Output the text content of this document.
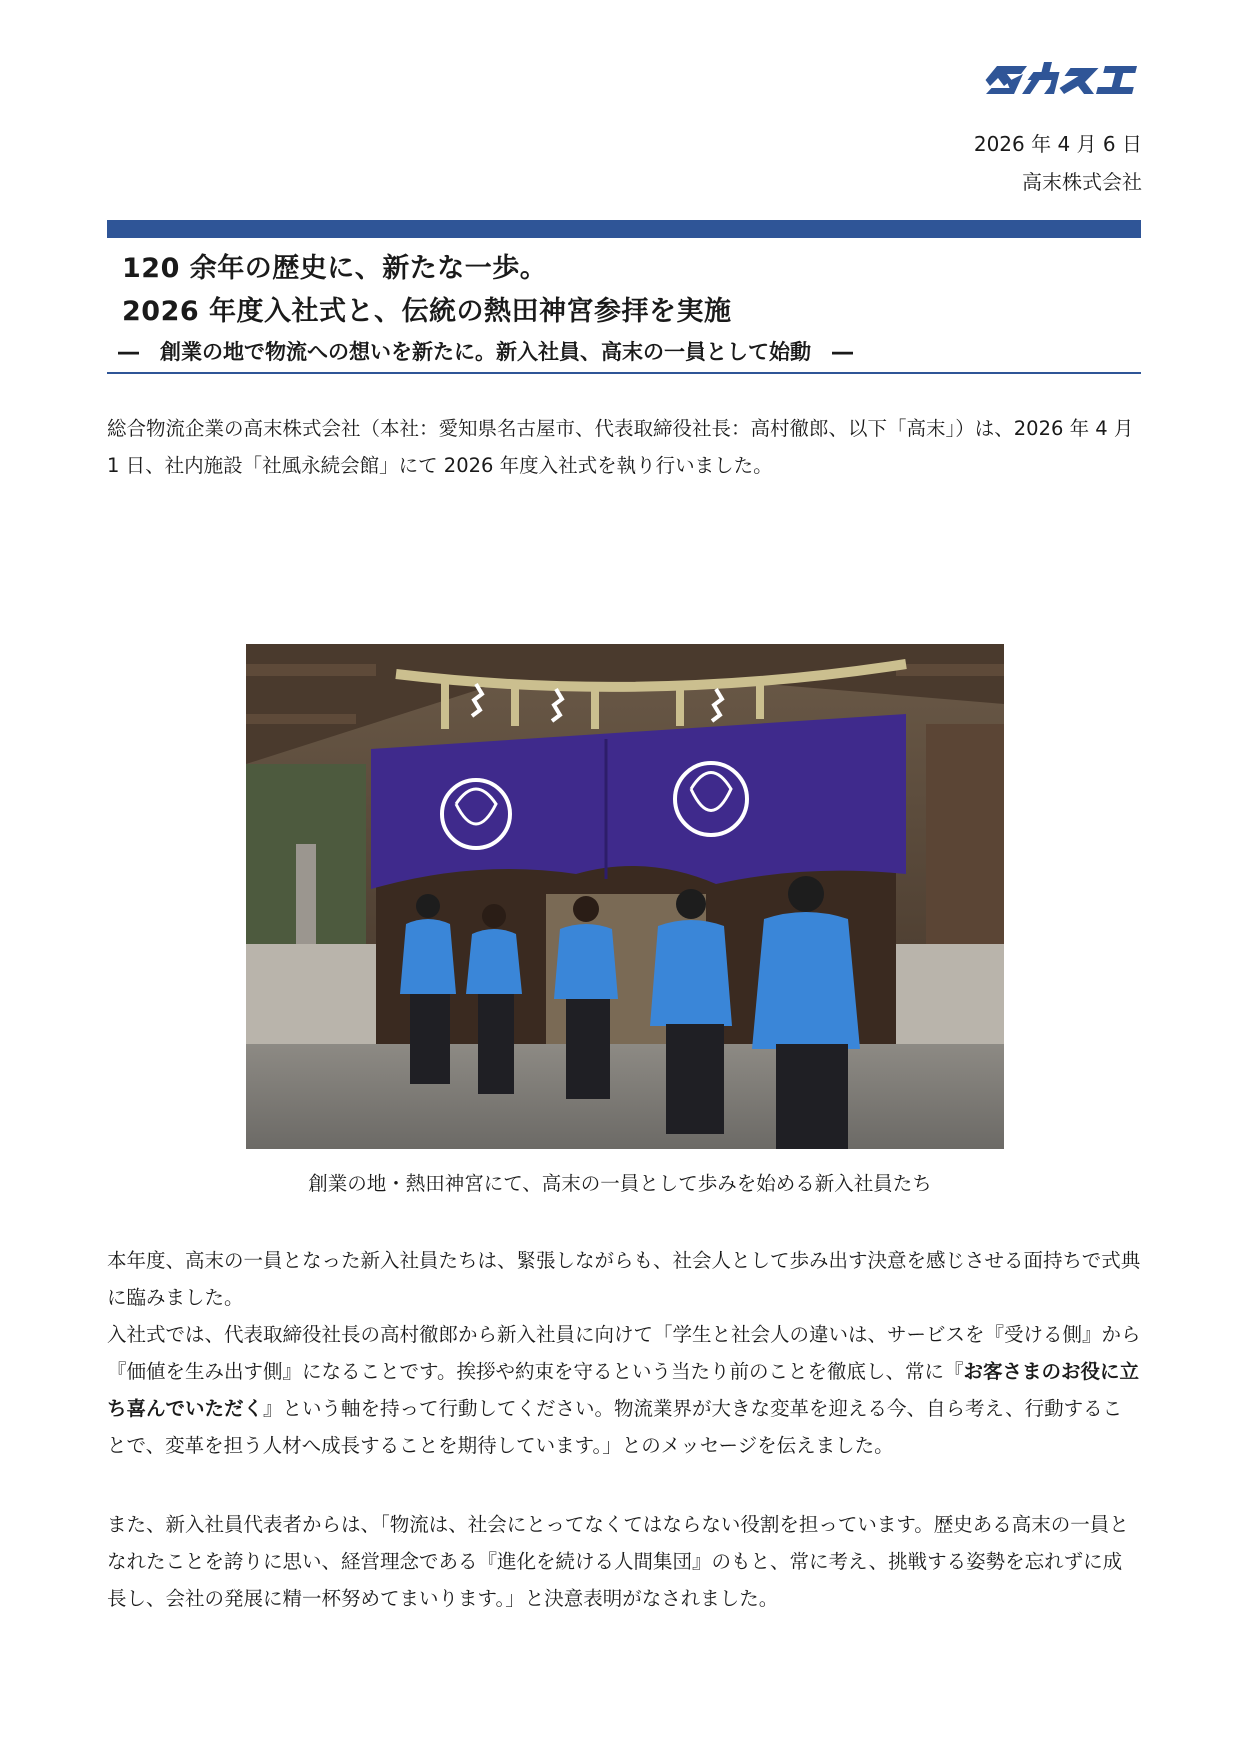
2026 年 4 月 6 日
高末株式会社
120 余年の歴史に、新たな一歩。
2026 年度入社式と、伝統の熱田神宮参拝を実施
―　創業の地で物流への想いを新たに。新入社員、高末の一員として始動　―
総合物流企業の高末株式会社（本社：愛知県名古屋市、代表取締役社長：高村徹郎、以下「高末」）は、2026 年 4 月 1 日、社内施設「社風永続会館」にて 2026 年度入社式を執り行いました。
創業の地・熱田神宮にて、高末の一員として歩みを始める新入社員たち
本年度、高末の一員となった新入社員たちは、緊張しながらも、社会人として歩み出す決意を感じさせる面持ちで式典に臨みました。
入社式では、代表取締役社長の高村徹郎から新入社員に向けて「学生と社会人の違いは、サービスを『受ける側』から『価値を生み出す側』になることです。挨拶や約束を守るという当たり前のことを徹底し、常に『お客さまのお役に立ち喜んでいただく』という軸を持って行動してください。物流業界が大きな変革を迎える今、自ら考え、行動することで、変革を担う人材へ成長することを期待しています。」とのメッセージを伝えました。
また、新入社員代表者からは、「物流は、社会にとってなくてはならない役割を担っています。歴史ある高末の一員となれたことを誇りに思い、経営理念である『進化を続ける人間集団』のもと、常に考え、挑戦する姿勢を忘れずに成長し、会社の発展に精一杯努めてまいります。」と決意表明がなされました。
